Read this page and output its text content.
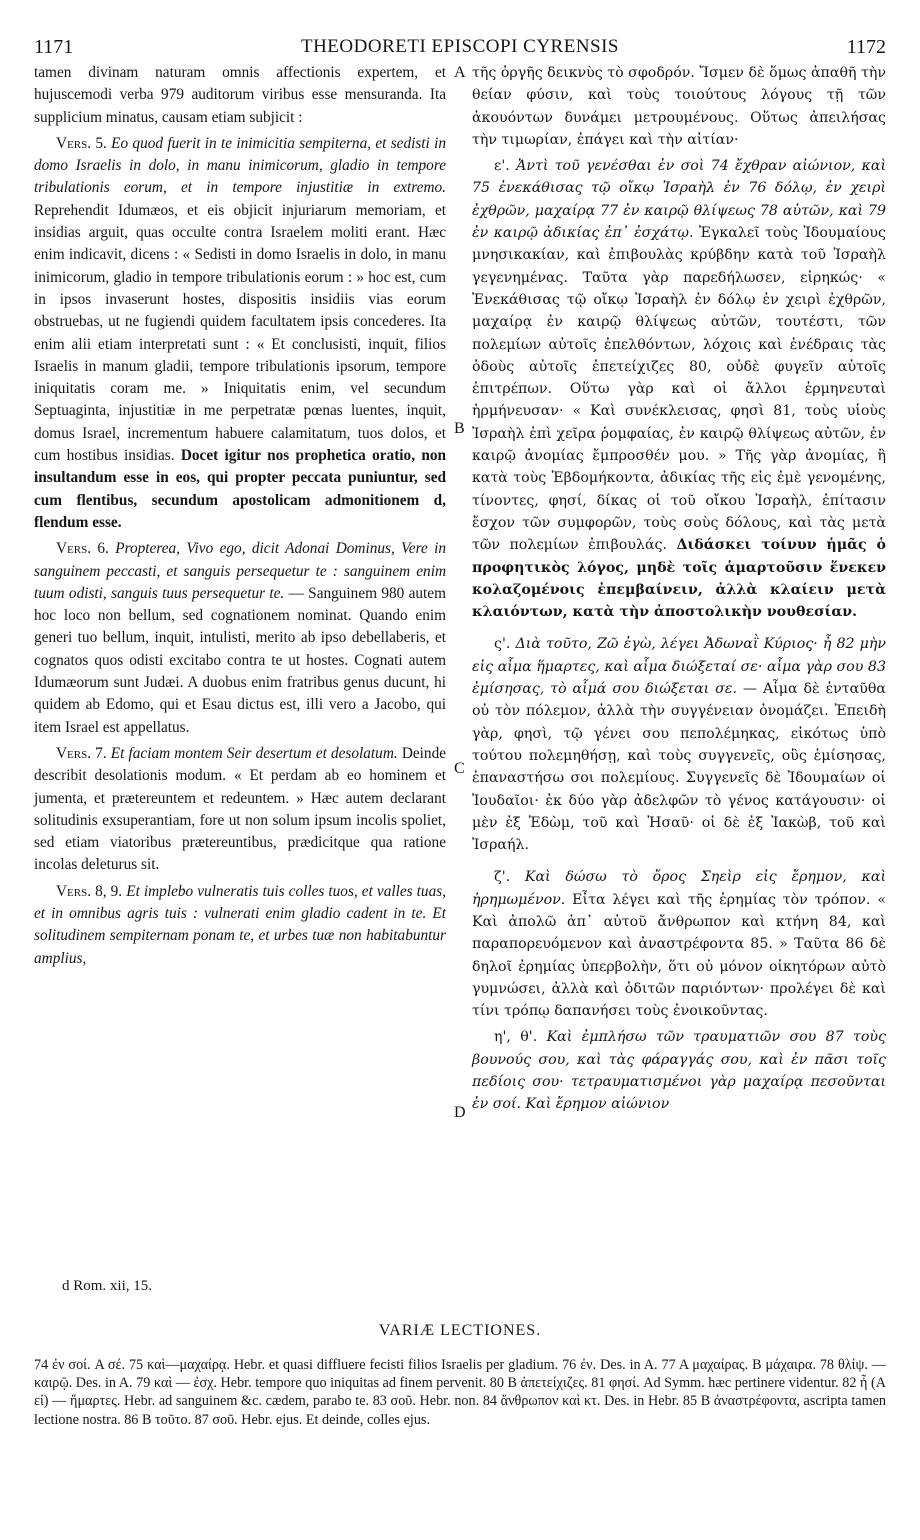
1171	THEODORETI EPISCOPI CYRENSIS	1172

tamen divinam naturam omnis affectionis expertem, et hujuscemodi verba 979 auditorum viribus esse mensuranda. Ita supplicium minatus, causam etiam subjicit :

Vers. 5. Eo quod fuerit in te inimicitia sempiterna, et sedisti in domo Israelis in dolo, in manu inimicorum, gladio in tempore tribulationis eorum, et in tempore injustitiæ in extremo. Reprehendit Idumæos, et eis objicit injuriarum memoriam, et insidias arguit, quas occulte contra Israelem moliti erant. Hæc enim indicavit, dicens : « Sedisti in domo Israelis in dolo, in manu inimicorum, gladio in tempore tribulationis eorum : » hoc est, cum in ipsos invaserunt hostes, dispositis insidiis vias eorum obstruebas, ut ne fugiendi quidem facultatem ipsis concederes. Ita enim alii etiam interpretati sunt : « Et conclusisti, inquit, filios Israelis in manum gladii, tempore tribulationis ipsorum, tempore iniquitatis coram me. » Iniquitatis enim, vel secundum Septuaginta, injustitiæ in me perpetratæ pœnas luentes, inquit, domus Israel, incrementum habuere calamitatum, tuos dolos, et cum hostibus insidias. Docet igitur nos prophetica oratio, non insultandum esse in eos, qui propter peccata puniuntur, sed cum flentibus, secundum apostolicam admonitionem d, flendum esse.

Vers. 6. Propterea, Vivo ego, dicit Adonai Dominus, Vere in sanguinem peccasti, et sanguis persequetur te : sanguinem enim tuum odisti, sanguis tuus persequetur te. — Sanguinem 980 autem hoc loco non bellum, sed cognationem nominat. Quando enim generi tuo bellum, inquit, intulisti, merito ab ipso debellaberis, et cognatos quos odisti excitabo contra te ut hostes. Cognati autem Idumæorum sunt Judæi. A duobus enim fratribus genus ducunt, hi quidem ab Edomo, qui et Esau dictus est, illi vero a Jacobo, qui item Israel est appellatus.

Vers. 7. Et faciam montem Seir desertum et desolatum. Deinde describit desolationis modum. « Et perdam ab eo hominem et jumenta, et prætereuntem et redeuntem. » Hæc autem declarant solitudinis exsuperantiam, fore ut non solum ipsum incolis spoliet, sed etiam viatoribus prætereuntibus, prædicitque qua ratione incolas deleturus sit.

Vers. 8, 9. Et implebo vulneratis tuis colles tuos, et valles tuas, et in omnibus agris tuis : vulnerati enim gladio cadent in te. Et solitudinem sempiternam ponam te, et urbes tuæ non habitabuntur amplius,

A
B
C
D

τῆς ὀργῆς δεικνὺς τὸ σφοδρόν. Ἴσμεν δὲ ὅμως ἀπαθῆ τὴν θείαν φύσιν, καὶ τοὺς τοιούτους λόγους τῇ τῶν ἀκουόντων δυνάμει μετρουμένους. Οὕτως ἀπειλήσας τὴν τιμωρίαν, ἐπάγει καὶ τὴν αἰτίαν·

ε'. Ἀντὶ τοῦ γενέσθαι ἐν σοὶ 74 ἔχθραν αἰώνιον, καὶ 75 ἐνεκάθισας τῷ οἴκῳ Ἰσραὴλ ἐν 76 δόλῳ, ἐν χειρὶ ἐχθρῶν, μαχαίρᾳ 77 ἐν καιρῷ θλίψεως 78 αὐτῶν, καὶ 79 ἐν καιρῷ ἀδικίας ἐπ᾽ ἐσχάτῳ. Ἐγκαλεῖ τοὺς Ἰδουμαίους μνησικακίαν, καὶ ἐπιβουλὰς κρύβδην κατὰ τοῦ Ἰσραὴλ γεγενημένας. Ταῦτα γὰρ παρεδήλωσεν, εἰρηκώς· « Ἐνεκάθισας τῷ οἴκῳ Ἰσραὴλ ἐν δόλῳ ἐν χειρὶ ἐχθρῶν, μαχαίρᾳ ἐν καιρῷ θλίψεως αὐτῶν, τουτέστι, τῶν πολεμίων αὐτοῖς ἐπελθόντων, λόχοις καὶ ἐνέδραις τὰς ὁδοὺς αὐτοῖς ἐπετείχιζες 80, οὐδὲ φυγεῖν αὐτοῖς ἐπιτρέπων. Οὕτω γὰρ καὶ οἱ ἄλλοι ἑρμηνευταὶ ἡρμήνευσαν· « Καὶ συνέκλεισας, φησὶ 81, τοὺς υἱοὺς Ἰσραὴλ ἐπὶ χεῖρα ῥομφαίας, ἐν καιρῷ θλίψεως αὐτῶν, ἐν καιρῷ ἀνομίας ἔμπροσθέν μου. » Τῆς γὰρ ἀνομίας, ἢ κατὰ τοὺς Ἑβδομήκοντα, ἀδικίας τῆς εἰς ἐμὲ γενομένης, τίνοντες, φησί, δίκας οἱ τοῦ οἴκου Ἰσραὴλ, ἐπίτασιν ἔσχον τῶν συμφορῶν, τοὺς σοὺς δόλους, καὶ τὰς μετὰ τῶν πολεμίων ἐπιβουλάς. Διδάσκει τοίνυν ἡμᾶς ὁ προφητικὸς λόγος, μηδὲ τοῖς ἁμαρτοῦσιν ἕνεκεν κολαζομένοις ἐπεμβαίνειν, ἀλλὰ κλαίειν μετὰ κλαιόντων, κατὰ τὴν ἀποστολικὴν νουθεσίαν.

ς'. Διὰ τοῦτο, Ζῶ ἐγὼ, λέγει Ἀδωναῒ Κύριος· ἦ 82 μὴν εἰς αἷμα ἥμαρτες, καὶ αἷμα διώξεταί σε· αἷμα γὰρ σου 83 ἐμίσησας, τὸ αἷμά σου διώξεται σε. — Αἷμα δὲ ἐνταῦθα οὐ τὸν πόλεμον, ἀλλὰ τὴν συγγένειαν ὀνομάζει. Ἐπειδὴ γὰρ, φησὶ, τῷ γένει σου πεπολέμηκας, εἰκότως ὑπὸ τούτου πολεμηθήσῃ, καὶ τοὺς συγγενεῖς, οὓς ἐμίσησας, ἐπαναστήσω σοι πολεμίους. Συγγενεῖς δὲ Ἰδουμαίων οἱ Ἰουδαῖοι· ἐκ δύο γὰρ ἀδελφῶν τὸ γένος κατάγουσιν· οἱ μὲν ἐξ Ἐδὼμ, τοῦ καὶ Ἠσαῦ· οἱ δὲ ἐξ Ἰακὼβ, τοῦ καὶ Ἰσραήλ.

ζ'. Καὶ δώσω τὸ ὄρος Σηεὶρ εἰς ἔρημον, καὶ ἠρημωμένον. Εἶτα λέγει καὶ τῆς ἐρημίας τὸν τρόπον. « Καὶ ἀπολῶ ἀπ᾽ αὐτοῦ ἄνθρωπον καὶ κτήνη 84, καὶ παραπορευόμενον καὶ ἀναστρέφοντα 85. » Ταῦτα 86 δὲ δηλοῖ ἐρημίας ὑπερβολὴν, ὅτι οὐ μόνον οἰκητόρων αὐτὸ γυμνώσει, ἀλλὰ καὶ ὁδιτῶν παριόντων· προλέγει δὲ καὶ τίνι τρόπῳ δαπανήσει τοὺς ἐνοικοῦντας.

η', θ'. Καὶ ἐμπλήσω τῶν τραυματιῶν σου 87 τοὺς βουνούς σου, καὶ τὰς φάραγγάς σου, καὶ ἐν πᾶσι τοῖς πεδίοις σου· τετραυματισμένοι γὰρ μαχαίρᾳ πεσοῦνται ἐν σοί. Καὶ ἔρημον αἰώνιον

d Rom. xii, 15.
VARIÆ LECTIONES.

74 ἐν σοί. A σέ. 75 καὶ—μαχαίρᾳ. Hebr. et quasi diffluere fecisti filios Israelis per gladium. 76 ἐν. Des. in A. 77 A μαχαίρας. B μάχαιρα. 78 θλίψ. — καιρῷ. Des. in A. 79 καὶ — ἐσχ. Hebr. tempore quo iniquitas ad finem pervenit. 80 B ἀπετείχιζες. 81 φησί. Ad Symm. hæc pertinere videntur. 82 ἦ (A εἰ) — ἥμαρτες. Hebr. ad sanguinem &c. cædem, parabo te. 83 σοῦ. Hebr. non. 84 ἄνθρωπον καὶ κτ. Des. in Hebr. 85 B ἀναστρέφοντα, ascripta tamen lectione nostra. 86 B τοῦτο. 87 σοῦ. Hebr. ejus. Et deinde, colles ejus.
